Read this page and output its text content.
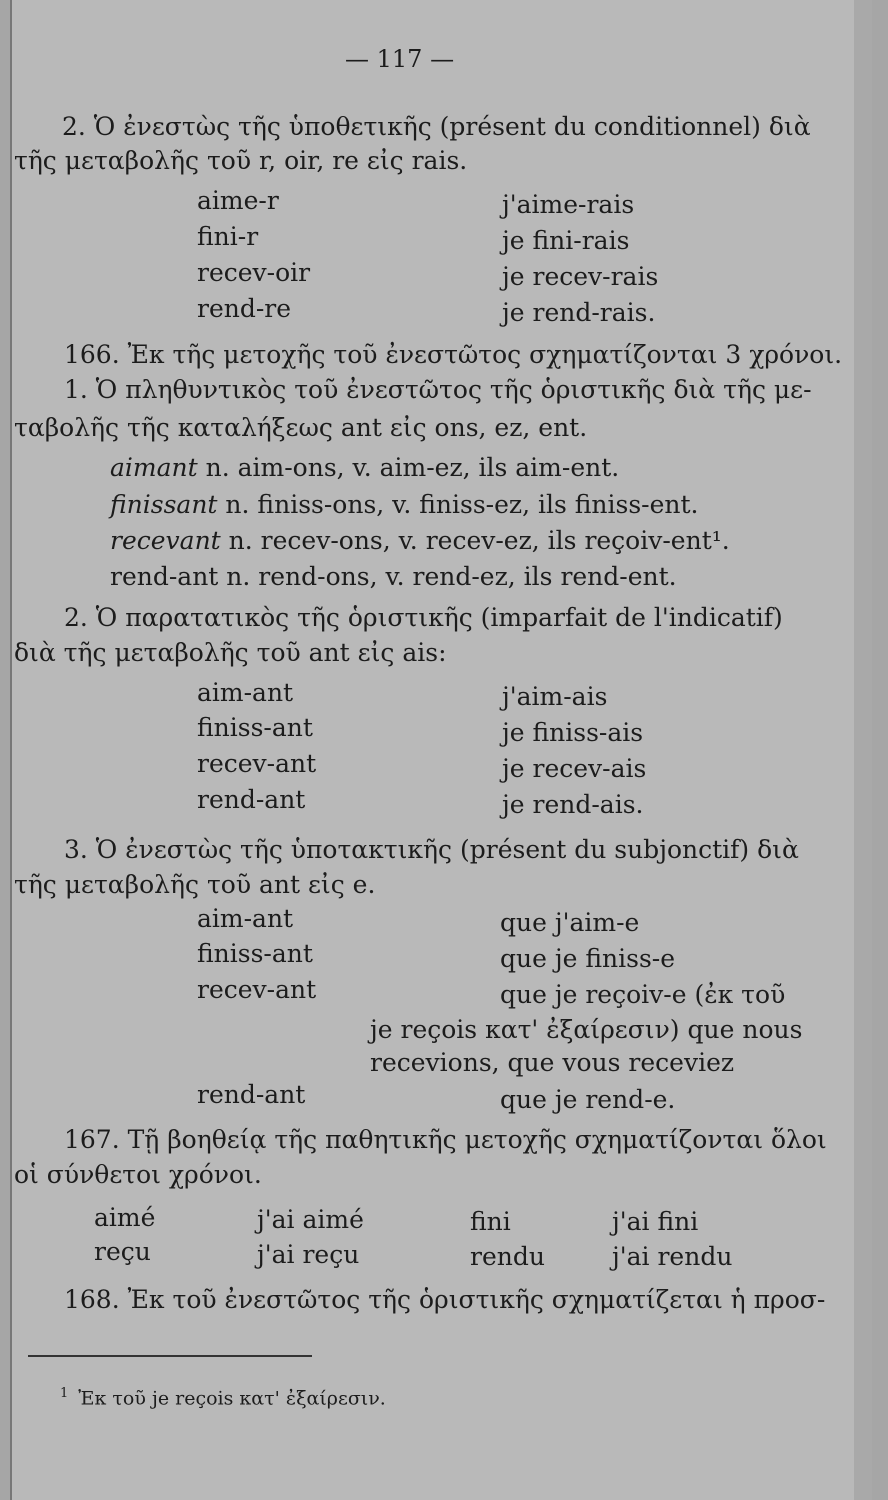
— 117 —
2. Ὁ ἐνεστὼς τῆς ὑποθετικῆς (présent du conditionnel) διὰ
τῆς μεταβολῆς τοῦ r, oir, re εἰς rais.
aime-r	j'aime-rais
fini-r	je fini-rais
recev-oir	je recev-rais
rend-re	je rend-rais.
166. Ἐκ τῆς μετοχῆς τοῦ ἐνεστῶτος σχηματίζονται 3 χρόνοι.
1. Ὁ πληθυντικὸς τοῦ ἐνεστῶτος τῆς ὁριστικῆς διὰ τῆς με-
ταβολῆς τῆς καταλήξεως ant εἰς ons, ez, ent.
aimant n. aim-ons, v. aim-ez, ils aim-ent.
finissant n. finiss-ons, v. finiss-ez, ils finiss-ent.
recevant n. recev-ons, v. recev-ez, ils reçoiv-ent¹.
rend-ant n. rend-ons, v. rend-ez, ils rend-ent.
2. Ὁ παρατατικὸς τῆς ὁριστικῆς (imparfait de l'indicatif)
διὰ τῆς μεταβολῆς τοῦ ant εἰς ais:
aim-ant	j'aim-ais
finiss-ant	je finiss-ais
recev-ant	je recev-ais
rend-ant	je rend-ais.
3. Ὁ ἐνεστὼς τῆς ὑποτακτικῆς (présent du subjonctif) διὰ
τῆς μεταβολῆς τοῦ ant εἰς e.
aim-ant	que j'aim-e
finiss-ant	que je finiss-e
recev-ant	que je reçoiv-e (ἐκ τοῦ
je reçois κατ' ἐξαίρεσιν) que nous
recevions, que vous receviez
rend-ant	que je rend-e.
167. Τῇ βοηθείᾳ τῆς παθητικῆς μετοχῆς σχηματίζονται ὅλοι
οἱ σύνθετοι χρόνοι.
aimé	j'ai aimé	fini	j'ai fini
reçu	j'ai reçu	rendu	j'ai rendu
168. Ἐκ τοῦ ἐνεστῶτος τῆς ὁριστικῆς σχηματίζεται ἡ προσ-
$^1$ Ἐκ τοῦ je reçois κατ' ἐξαίρεσιν.
